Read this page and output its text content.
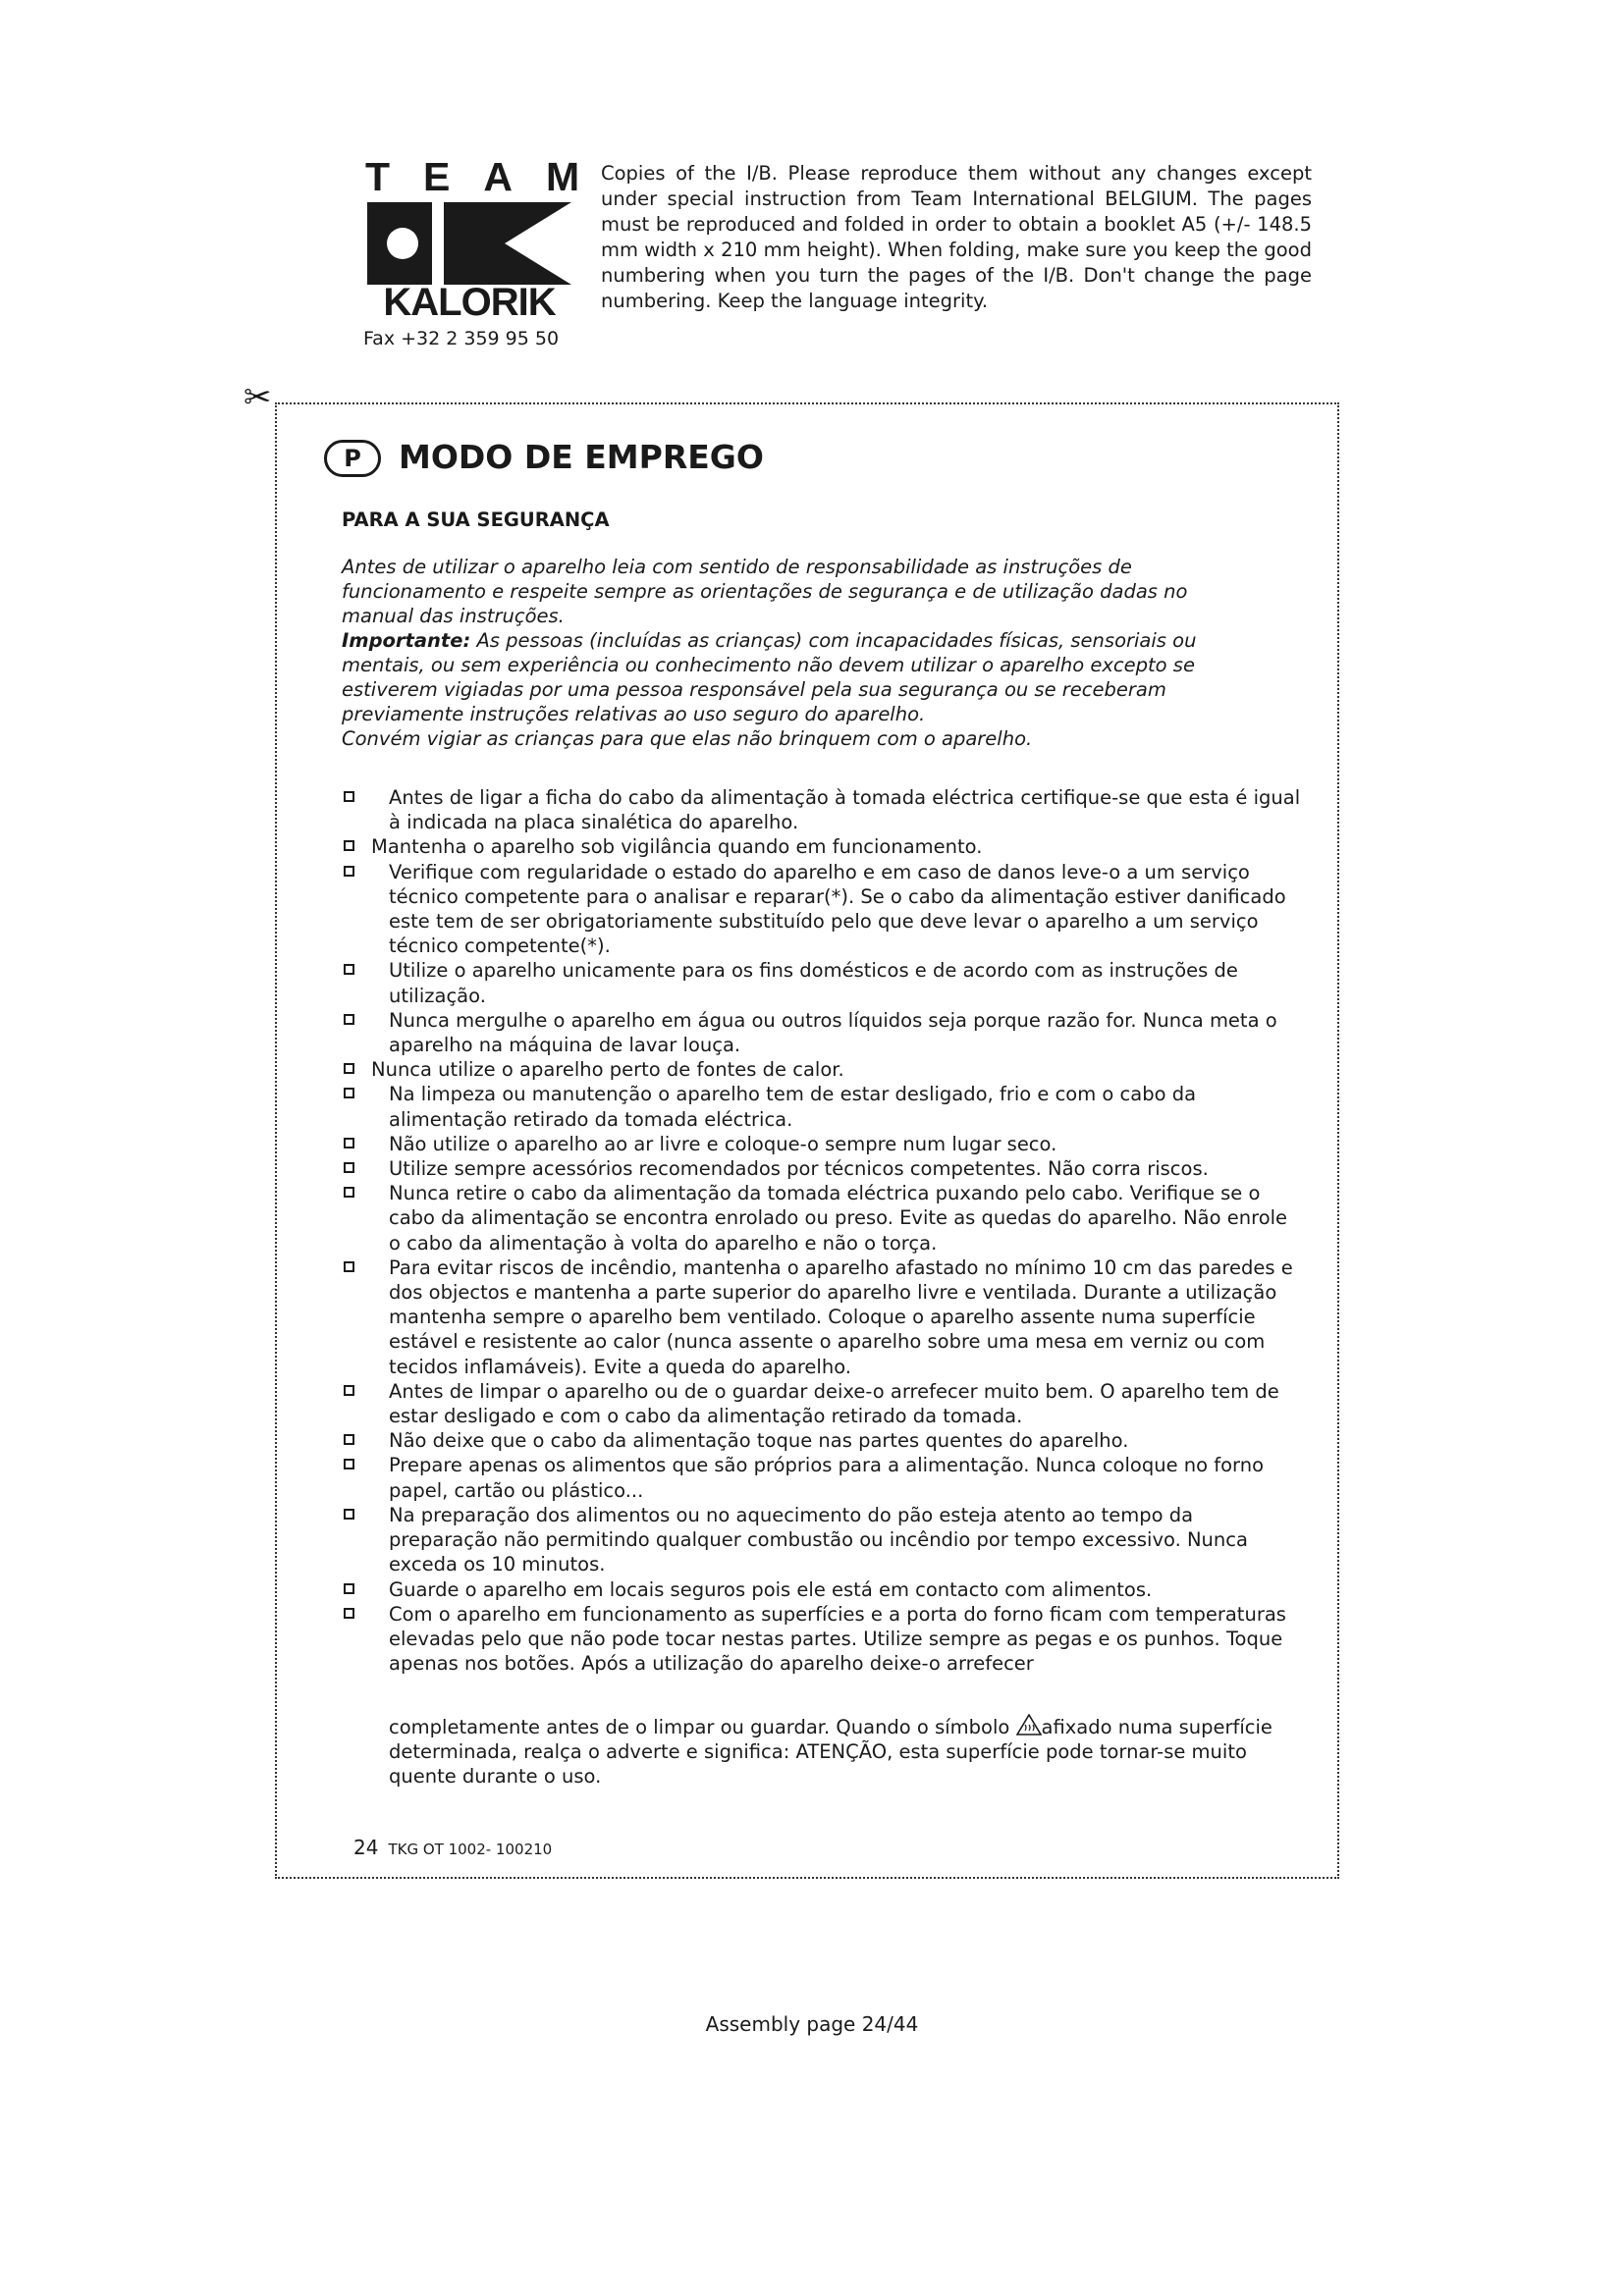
TEAM
KALORIK
Fax +32 2 359 95 50
Copies of the I/B. Please reproduce them without any changes except under special instruction from Team International BELGIUM. The pages must be reproduced and folded in order to obtain a booklet A5 (+/- 148.5 mm width x 210 mm height). When folding, make sure you keep the good numbering when you turn the pages of the I/B. Don't change the page numbering. Keep the language integrity.
✂
P	MODO DE EMPREGO
PARA A SUA SEGURANÇA

Antes de utilizar o aparelho leia com sentido de responsabilidade as instruções de funcionamento e respeite sempre as orientações de segurança e de utilização dadas no manual das instruções.

Importante: As pessoas (incluídas as crianças) com incapacidades físicas, sensoriais ou mentais, ou sem experiência ou conhecimento não devem utilizar o aparelho excepto se estiverem vigiadas por uma pessoa responsável pela sua segurança ou se receberam previamente instruções relativas ao uso seguro do aparelho.

Convém vigiar as crianças para que elas não brinquem com o aparelho.

Antes de ligar a ficha do cabo da alimentação à tomada eléctrica certifique-se que esta é igual à indicada na placa sinalética do aparelho.
Mantenha o aparelho sob vigilância quando em funcionamento.
Verifique com regularidade o estado do aparelho e em caso de danos leve-o a um serviço técnico competente para o analisar e reparar(*). Se o cabo da alimentação estiver danificado este tem de ser obrigatoriamente substituído pelo que deve levar o aparelho a um serviço técnico competente(*).
Utilize o aparelho unicamente para os fins domésticos e de acordo com as instruções de utilização.
Nunca mergulhe o aparelho em água ou outros líquidos seja porque razão for. Nunca meta o aparelho na máquina de lavar louça.
Nunca utilize o aparelho perto de fontes de calor.
Na limpeza ou manutenção o aparelho tem de estar desligado, frio e com o cabo da alimentação retirado da tomada eléctrica.
Não utilize o aparelho ao ar livre e coloque-o sempre num lugar seco.
Utilize sempre acessórios recomendados por técnicos competentes. Não corra riscos.
Nunca retire o cabo da alimentação da tomada eléctrica puxando pelo cabo. Verifique se o cabo da alimentação se encontra enrolado ou preso. Evite as quedas do aparelho. Não enrole o cabo da alimentação à volta do aparelho e não o torça.
Para evitar riscos de incêndio, mantenha o aparelho afastado no mínimo 10 cm das paredes e dos objectos e mantenha a parte superior do aparelho livre e ventilada. Durante a utilização mantenha sempre o aparelho bem ventilado. Coloque o aparelho assente numa superfície estável e resistente ao calor (nunca assente o aparelho sobre uma mesa em verniz ou com tecidos inflamáveis). Evite a queda do aparelho.
Antes de limpar o aparelho ou de o guardar deixe-o arrefecer muito bem. O aparelho tem de estar desligado e com o cabo da alimentação retirado da tomada.
Não deixe que o cabo da alimentação toque nas partes quentes do aparelho.
Prepare apenas os alimentos que são próprios para a alimentação. Nunca coloque no forno papel, cartão ou plástico...
Na preparação dos alimentos ou no aquecimento do pão esteja atento ao tempo da preparação não permitindo qualquer combustão ou incêndio por tempo excessivo. Nunca exceda os 10 minutos.
Guarde o aparelho em locais seguros pois ele está em contacto com alimentos.
Com o aparelho em funcionamento as superfícies e a porta do forno ficam com temperaturas elevadas pelo que não pode tocar nestas partes. Utilize sempre as pegas e os punhos. Toque apenas nos botões. Após a utilização do aparelho deixe-o arrefecer
completamente antes de o limpar ou guardar. Quando o símbolo afixado numa superfície determinada, realça o adverte e significa: ATENÇÃO, esta superfície pode tornar-se muito quente durante o uso.
24 TKG OT 1002- 100210
Assembly page 24/44
